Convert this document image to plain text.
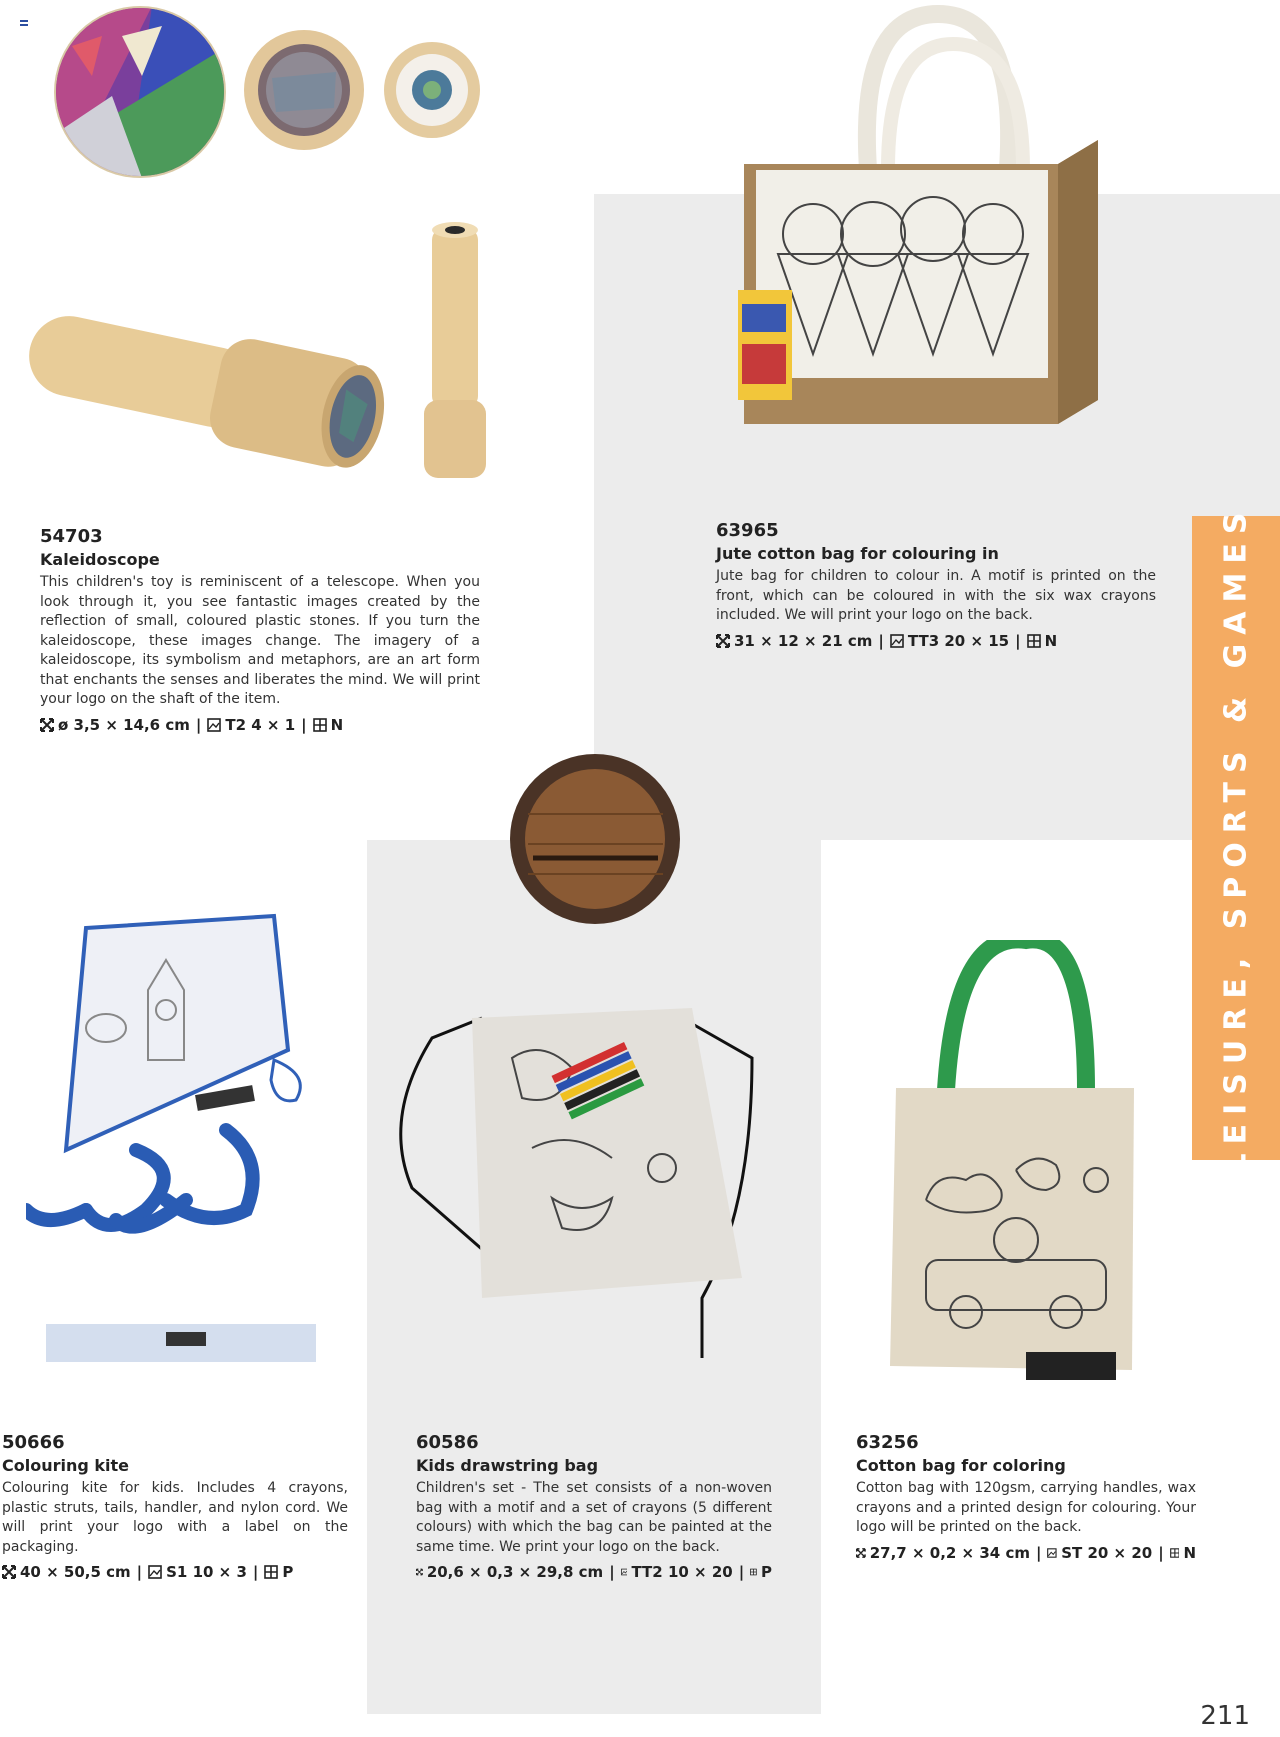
54703

Kaleidoscope

This children's toy is reminiscent of a telescope. When you look through it, you see fantastic images created by the reflection of small, coloured plastic stones. If you turn the kaleidoscope, these images change. The imagery of a kaleidoscope, its symbolism and metaphors, are an art form that enchants the senses and liberates the mind. We will print your logo on the shaft of the item.

ø 3,5 × 14,6 cm | T2 4 × 1 | N

63965

Jute cotton bag for colouring in

Jute bag for children to colour in. A motif is printed on the front, which can be coloured in with the six wax crayons included. We will print your logo on the back.

31 × 12 × 21 cm | TT3 20 × 15 | N

50666

Colouring kite

Colouring kite for kids. Includes 4 crayons, plastic struts, tails, handler, and nylon cord. We will print your logo with a label on the packaging.

40 × 50,5 cm | S1 10 × 3 | P

60586

Kids drawstring bag

Children's set - The set consists of a non-woven bag with a motif and a set of crayons (5 different colours) with which the bag can be painted at the same time. We print your logo on the back.

20,6 × 0,3 × 29,8 cm | TT2 10 × 20 | P

63256

Cotton bag for coloring

Cotton bag with 120gsm, carrying handles, wax crayons and a printed design for colouring. Your logo will be printed on the back.

27,7 × 0,2 × 34 cm | ST 20 × 20 | N

LEISURE, SPORTS & GAMES
211
